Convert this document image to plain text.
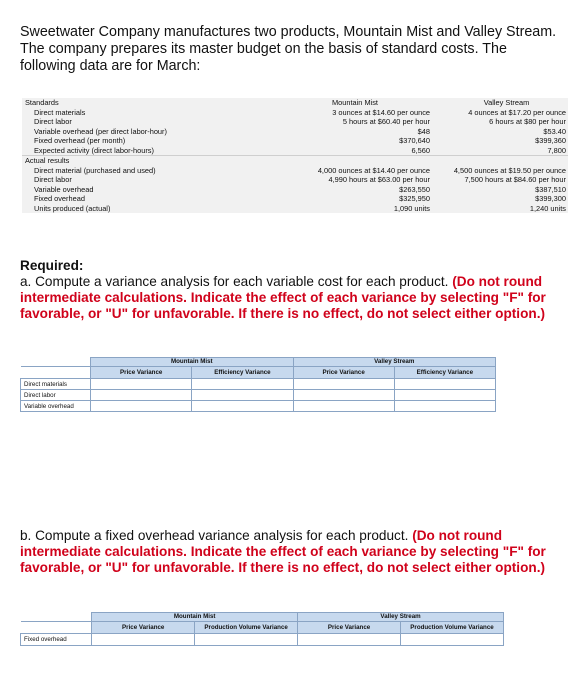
Sweetwater Company manufactures two products, Mountain Mist and Valley Stream. The company prepares its master budget on the basis of standard costs. The following data are for March:
Standards	Mountain Mist	Valley Stream
Direct materials	3 ounces at $14.60 per ounce	4 ounces at $17.20 per ounce
Direct labor	5 hours at $60.40 per hour	6 hours at $80 per hour
Variable overhead (per direct labor-hour)	$48	$53.40
Fixed overhead (per month)	$370,640	$399,360
Expected activity (direct labor-hours)	6,560	7,800
Actual results		
Direct material (purchased and used)	4,000 ounces at $14.40 per ounce	4,500 ounces at $19.50 per ounce
Direct labor	4,990 hours at $63.00 per hour	7,500 hours at $84.60 per hour
Variable overhead	$263,550	$387,510
Fixed overhead	$325,950	$399,300
Units produced (actual)	1,090 units	1,240 units
Required:
a. Compute a variance analysis for each variable cost for each product. (Do not round intermediate calculations. Indicate the effect of each variance by selecting "F" for favorable, or "U" for unfavorable. If there is no effect, do not select either option.)
	Mountain Mist		Valley Stream	
	Price Variance	Efficiency Variance	Price Variance	Efficiency Variance
Direct materials				
Direct labor				
Variable overhead				
b. Compute a fixed overhead variance analysis for each product. (Do not round intermediate calculations. Indicate the effect of each variance by selecting "F" for favorable, or "U" for unfavorable. If there is no effect, do not select either option.)
	Mountain Mist		Valley Stream	
	Price Variance	Production Volume Variance	Price Variance	Production Volume Variance
Fixed overhead				
